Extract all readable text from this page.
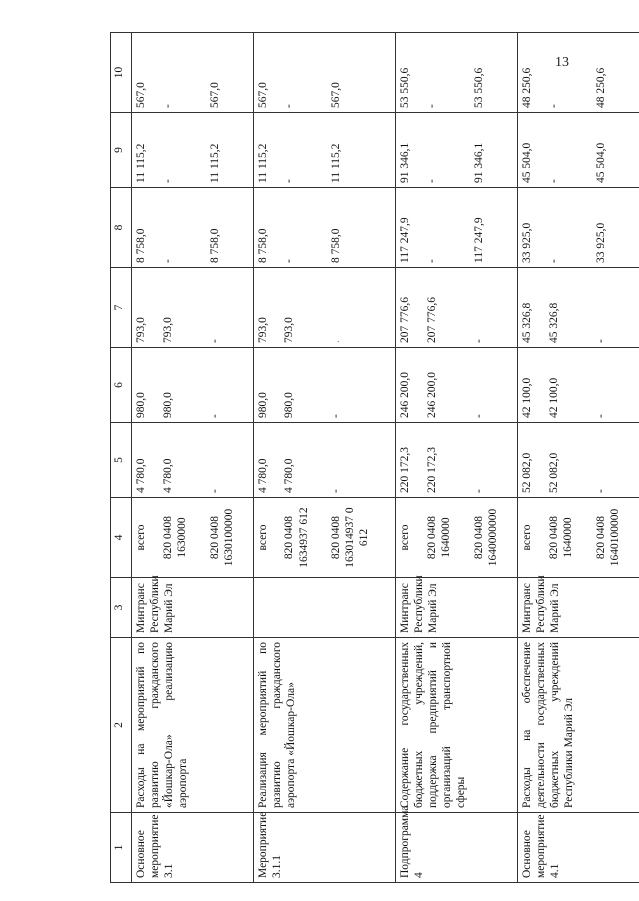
13
1	2	3	4	5	6	7	8	9	10
Основное мероприятие 3.1	Расходы на мероприятий по развитию гражданского «Йошкар-Ола» реализацию аэропорта	Минтранс Республики Марий Эл	всего	4 780,0	980,0	793,0	8 758,0	11 115,2	567,0

			820 0408 1630000	4 780,0	980,0	793,0	-	-	-

			820 0408 1630100000	-	-	-	8 758,0	11 115,2	567,0
Мероприятие 3.1.1	Реализация мероприятий по развитию гражданского аэропорта «Йошкар-Ола»		всего	4 780,0	980,0	793,0	8 758,0	11 115,2	567,0

			820 0408 1634937 612	4 780,0	980,0	793,0	-	-	-

			820 0408 163014937 0 612	-	-	.	8 758,0	11 115,2	567,0
Подпрограмма 4	Содержание государственных бюджетных учреждений, поддержка предприятий и организаций транспортной сферы	Минтранс Республики Марий Эл	всего	220 172,3	246 200,0	207 776,6	117 247,9	91 346,1	53 550,6

			820 0408 1640000	220 172,3	246 200,0	207 776,6	-	-	-

			820 0408 1640000000	-	-	-	117 247,9	91 346,1	53 550,6
Основное мероприятие 4.1	Расходы на обеспечение деятельности государственных бюджетных учреждений Республики Марий Эл	Минтранс Республики Марий Эл	всего	52 082,0	42 100,0	45 326,8	33 925,0	45 504,0	48 250,6

			820 0408 1640000	52 082,0	42 100,0	45 326,8	-	-	-

			820 0408 1640100000	-	-	-	33 925,0	45 504,0	48 250,6
